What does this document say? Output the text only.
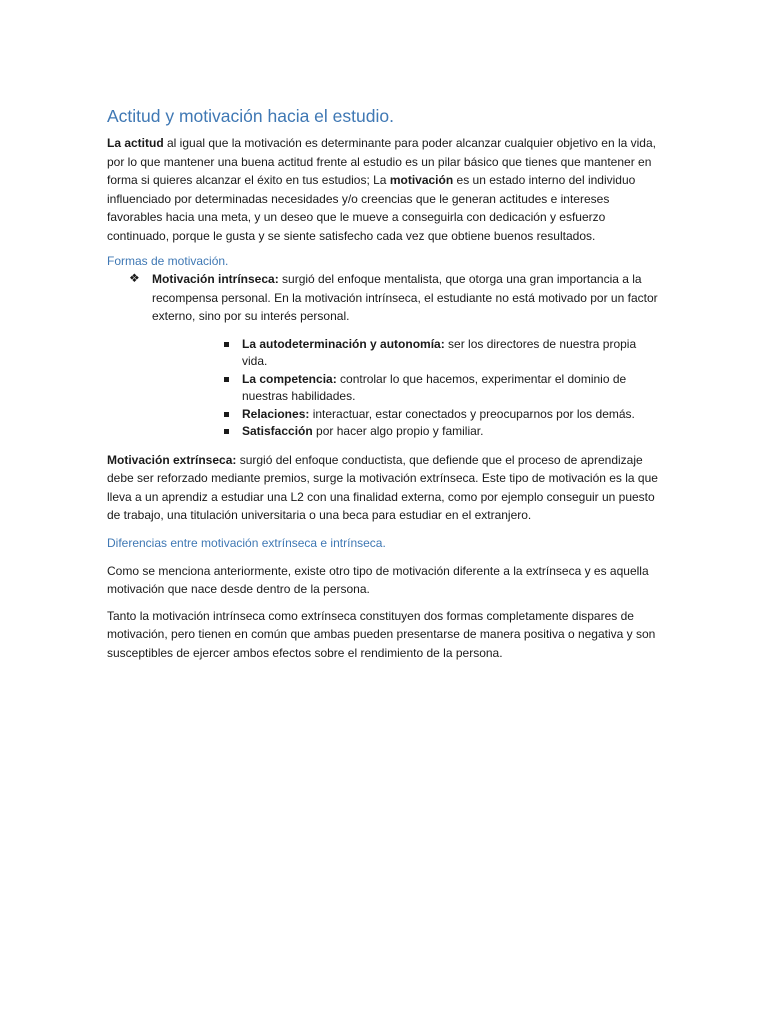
Actitud y motivación hacia el estudio.

La actitud al igual que la motivación es determinante para poder alcanzar cualquier objetivo en la vida, por lo que mantener una buena actitud frente al estudio es un pilar básico que tienes que mantener en forma si quieres alcanzar el éxito en tus estudios; La motivación es un estado interno del individuo influenciado por determinadas necesidades y/o creencias que le generan actitudes e intereses favorables hacia una meta, y un deseo que le mueve a conseguirla con dedicación y esfuerzo continuado, porque le gusta y se siente satisfecho cada vez que obtiene buenos resultados.

Formas de motivación.
❖ Motivación intrínseca: surgió del enfoque mentalista, que otorga una gran importancia a la recompensa personal. En la motivación intrínseca, el estudiante no está motivado por un factor externo, sino por su interés personal.

La autodeterminación y autonomía: ser los directores de nuestra propia vida.
La competencia: controlar lo que hacemos, experimentar el dominio de nuestras habilidades.
Relaciones: interactuar, estar conectados y preocuparnos por los demás.
Satisfacción por hacer algo propio y familiar.

Motivación extrínseca: surgió del enfoque conductista, que defiende que el proceso de aprendizaje debe ser reforzado mediante premios, surge la motivación extrínseca. Este tipo de motivación es la que lleva a un aprendiz a estudiar una L2 con una finalidad externa, como por ejemplo conseguir un puesto de trabajo, una titulación universitaria o una beca para estudiar en el extranjero.

Diferencias entre motivación extrínseca e intrínseca.

Como se menciona anteriormente, existe otro tipo de motivación diferente a la extrínseca y es aquella motivación que nace desde dentro de la persona.

Tanto la motivación intrínseca como extrínseca constituyen dos formas completamente dispares de motivación, pero tienen en común que ambas pueden presentarse de manera positiva o negativa y son susceptibles de ejercer ambos efectos sobre el rendimiento de la persona.
